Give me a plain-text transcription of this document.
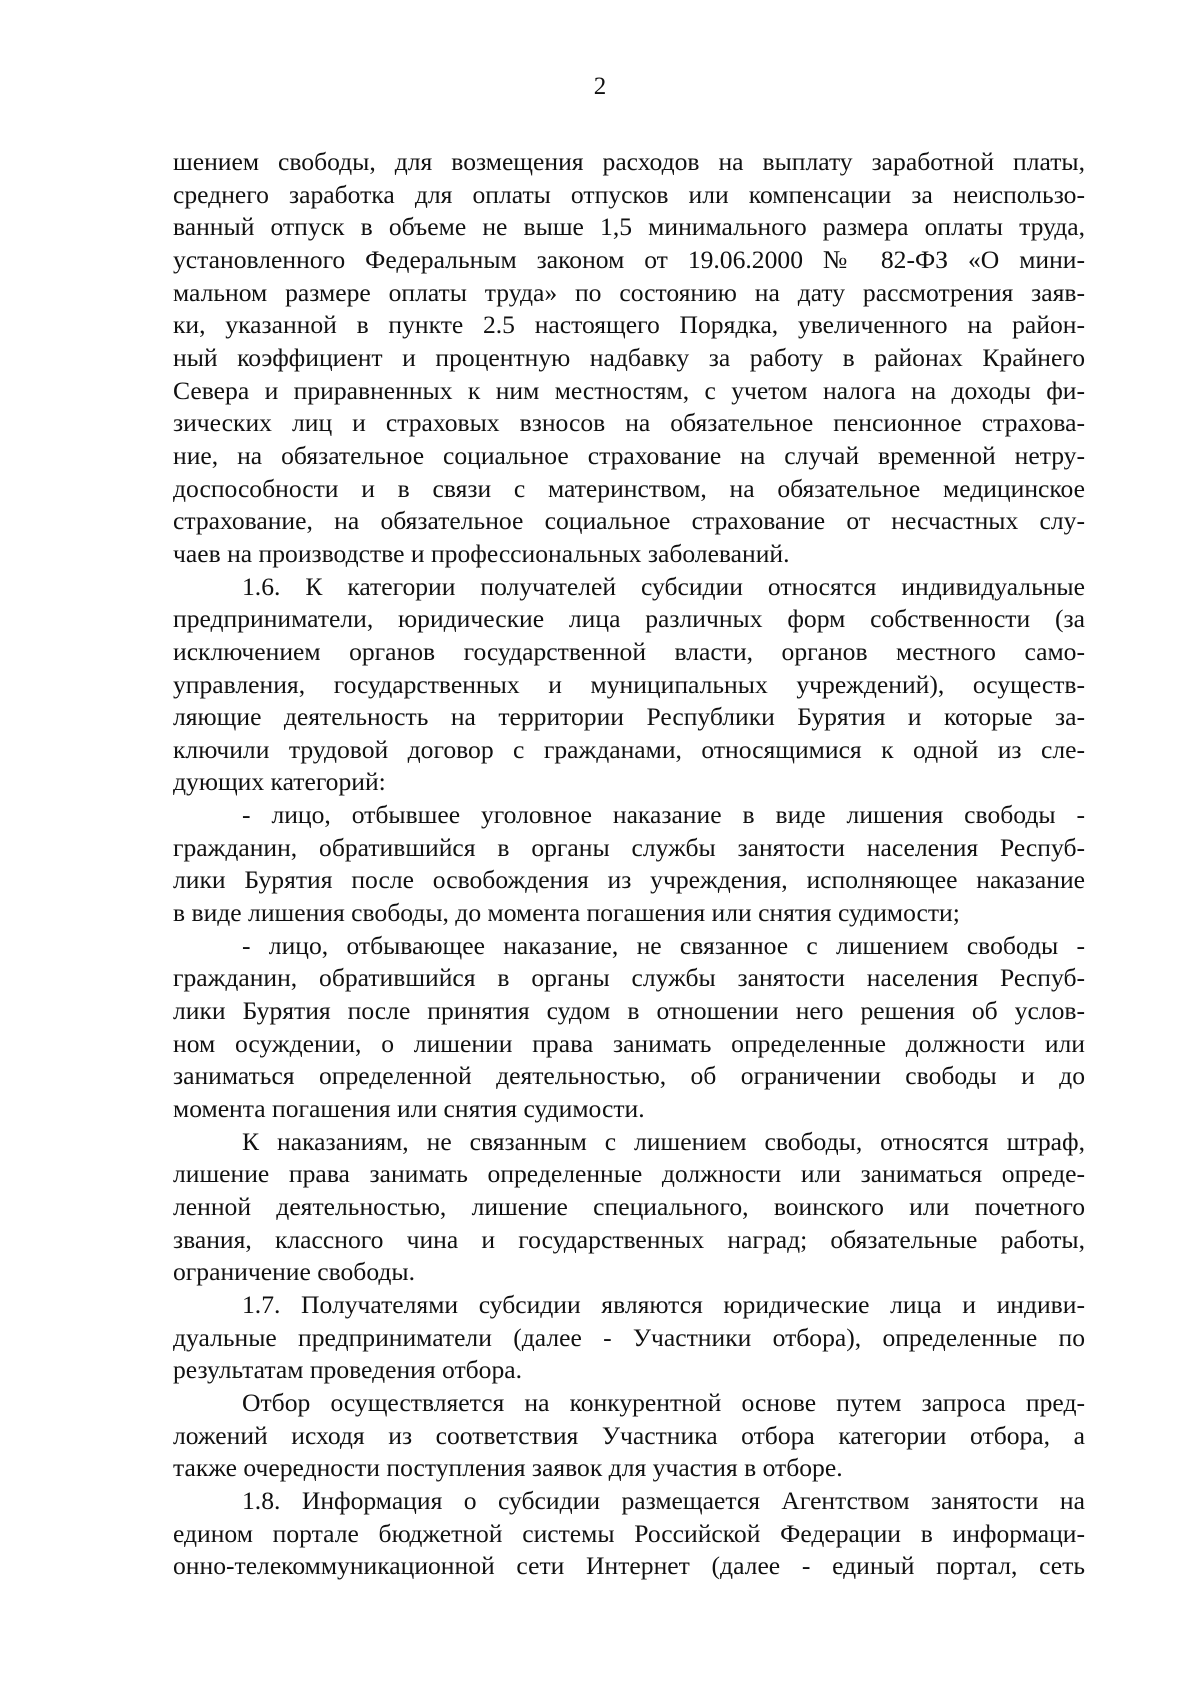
2
шением свободы, для возмещения расходов на выплату заработной платы,
среднего заработка для оплаты отпусков или компенсации за неиспользо-
ванный отпуск в объеме не выше 1,5 минимального размера оплаты труда,
установленного Федеральным законом от 19.06.2000 № 82-ФЗ «О мини-
мальном размере оплаты труда» по состоянию на дату рассмотрения заяв-
ки, указанной в пункте 2.5 настоящего Порядка, увеличенного на район-
ный коэффициент и процентную надбавку за работу в районах Крайнего
Севера и приравненных к ним местностям, с учетом налога на доходы фи-
зических лиц и страховых взносов на обязательное пенсионное страхова-
ние, на обязательное социальное страхование на случай временной нетру-
доспособности и в связи с материнством, на обязательное медицинское
страхование, на обязательное социальное страхование от несчастных слу-
чаев на производстве и профессиональных заболеваний.
1.6. К категории получателей субсидии относятся индивидуальные
предприниматели, юридические лица различных форм собственности (за
исключением органов государственной власти, органов местного само-
управления, государственных и муниципальных учреждений), осуществ-
ляющие деятельность на территории Республики Бурятия и которые за-
ключили трудовой договор с гражданами, относящимися к одной из сле-
дующих категорий:
- лицо, отбывшее уголовное наказание в виде лишения свободы -
гражданин, обратившийся в органы службы занятости населения Респуб-
лики Бурятия после освобождения из учреждения, исполняющее наказание
в виде лишения свободы, до момента погашения или снятия судимости;
- лицо, отбывающее наказание, не связанное с лишением свободы -
гражданин, обратившийся в органы службы занятости населения Респуб-
лики Бурятия после принятия судом в отношении него решения об услов-
ном осуждении, о лишении права занимать определенные должности или
заниматься определенной деятельностью, об ограничении свободы и до
момента погашения или снятия судимости.
К наказаниям, не связанным с лишением свободы, относятся штраф,
лишение права занимать определенные должности или заниматься опреде-
ленной деятельностью, лишение специального, воинского или почетного
звания, классного чина и государственных наград; обязательные работы,
ограничение свободы.
1.7. Получателями субсидии являются юридические лица и индиви-
дуальные предприниматели (далее - Участники отбора), определенные по
результатам проведения отбора.
Отбор осуществляется на конкурентной основе путем запроса пред-
ложений исходя из соответствия Участника отбора категории отбора, а
также очередности поступления заявок для участия в отборе.
1.8. Информация о субсидии размещается Агентством занятости на
едином портале бюджетной системы Российской Федерации в информаци-
онно-телекоммуникационной сети Интернет (далее - единый портал, сеть
